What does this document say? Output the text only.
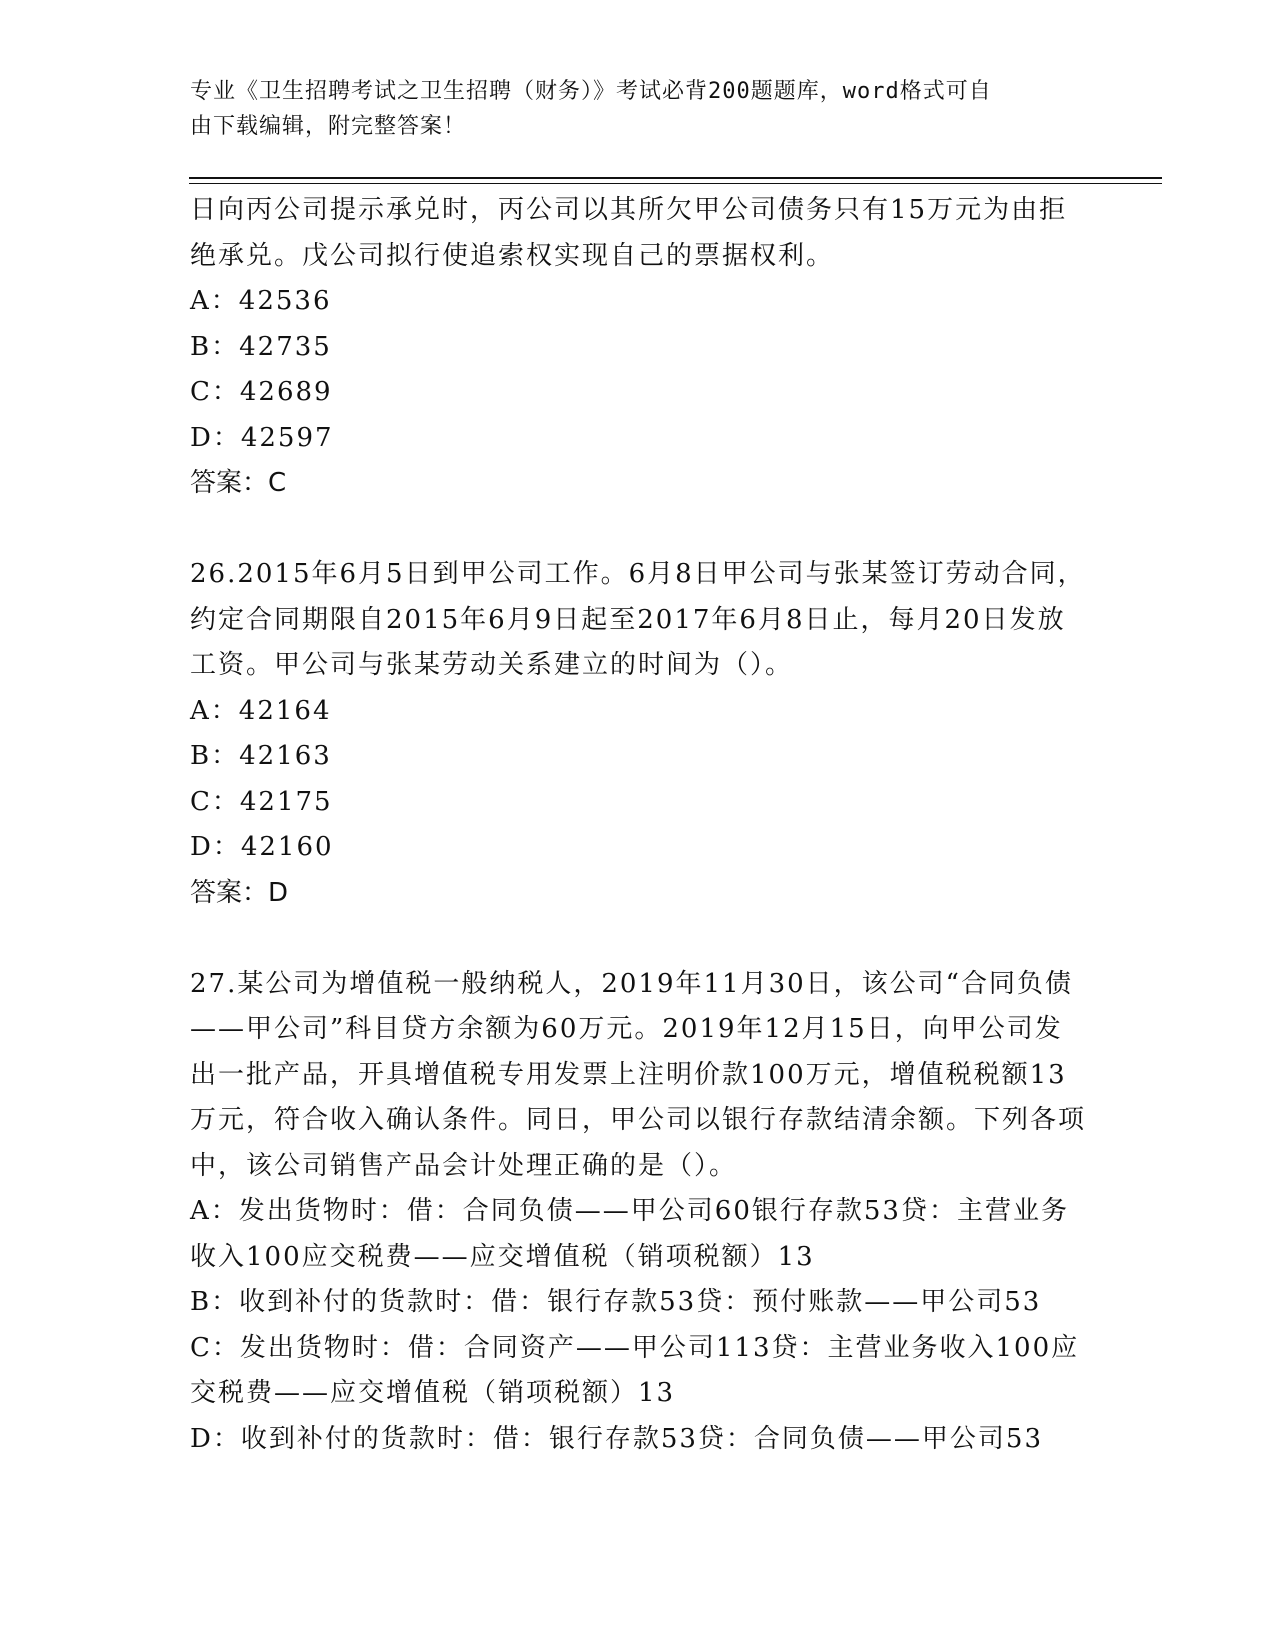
专业《卫生招聘考试之卫生招聘（财务）》考试必背200题题库，word格式可自
由下载编辑，附完整答案！

日向丙公司提示承兑时，丙公司以其所欠甲公司债务只有15万元为由拒绝承兑。戊公司拟行使追索权实现自己的票据权利。

A：42536

B：42735

C：42689

D：42597

答案：C

26.2015年6月5日到甲公司工作。6月8日甲公司与张某签订劳动合同，约定合同期限自2015年6月9日起至2017年6月8日止，每月20日发放工资。甲公司与张某劳动关系建立的时间为（）。

A：42164

B：42163

C：42175

D：42160

答案：D

27.某公司为增值税一般纳税人，2019年11月30日，该公司“合同负债——甲公司”科目贷方余额为60万元。2019年12月15日，向甲公司发出一批产品，开具增值税专用发票上注明价款100万元，增值税税额13万元，符合收入确认条件。同日，甲公司以银行存款结清余额。下列各项中，该公司销售产品会计处理正确的是（）。

A：发出货物时：借：合同负债——甲公司60银行存款53贷：主营业务收入100应交税费——应交增值税（销项税额）13

B：收到补付的货款时：借：银行存款53贷：预付账款——甲公司53

C：发出货物时：借：合同资产——甲公司113贷：主营业务收入100应交税费——应交增值税（销项税额）13

D：收到补付的货款时：借：银行存款53贷：合同负债——甲公司53
